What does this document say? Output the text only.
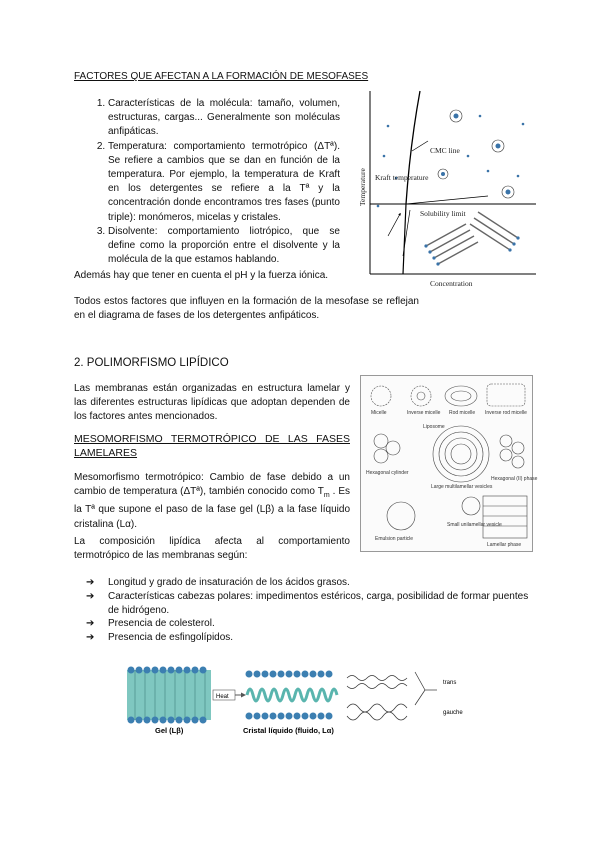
FACTORES QUE AFECTAN A LA FORMACIÓN DE MESOFASES
1. Características de la molécula: tamaño, volumen, estructuras, cargas... Generalmente son moléculas anfipáticas.
2. Temperatura: comportamiento termotrópico (ΔTª). Se refiere a cambios que se dan en función de la temperatura. Por ejemplo, la temperatura de Kraft en los detergentes se refiere a la Tª y la concentración donde encontramos tres fases (punto triple): monómeros, micelas y cristales.
3. Disolvente: comportamiento liotrópico, que se define como la proporción entre el disolvente y la molécula de la que estamos hablando.
Además hay que tener en cuenta el pH y la fuerza iónica.
Todos estos factores que influyen en la formación de la mesofase se reflejan en el diagrama de fases de los detergentes anfipáticos.
Temperature
Concentration
CMC line
Kraft temperature
Solubility limit
2. POLIMORFISMO LIPÍDICO
Las membranas están organizadas en estructura lamelar y las diferentes estructuras lipídicas que adoptan dependen de los factores antes mencionados.
MESOMORFISMO TERMOTRÓPICO DE LAS FASES LAMELARES
Mesomorfismo termotrópico: Cambio de fase debido a un cambio de temperatura (ΔTª), también conocido como $T_m$ . Es la Tª que supone el paso de la fase gel (Lβ) a la fase líquido cristalina (Lα).
La composición lipídica afecta al comportamiento termotrópico de las membranas según:
Micelle	Inverse micelle Rod micelle Inverse rod micelle
Hexagonal cylinder
Liposome
Large multilamellar vesicles
Hexagonal (II) phase
Emulsion particle
Small unilamellar vesicle
Lamellar phase
➔ Longitud y grado de insaturación de los ácidos grasos.
➔ Características cabezas polares: impedimentos estéricos, carga, posibilidad de formar puentes de hidrógeno.
➔ Presencia de colesterol.
➔ Presencia de esfingolípidos.
Heat
trans
gauche
Gel (Lβ)	Cristal líquido (fluido, Lα)
